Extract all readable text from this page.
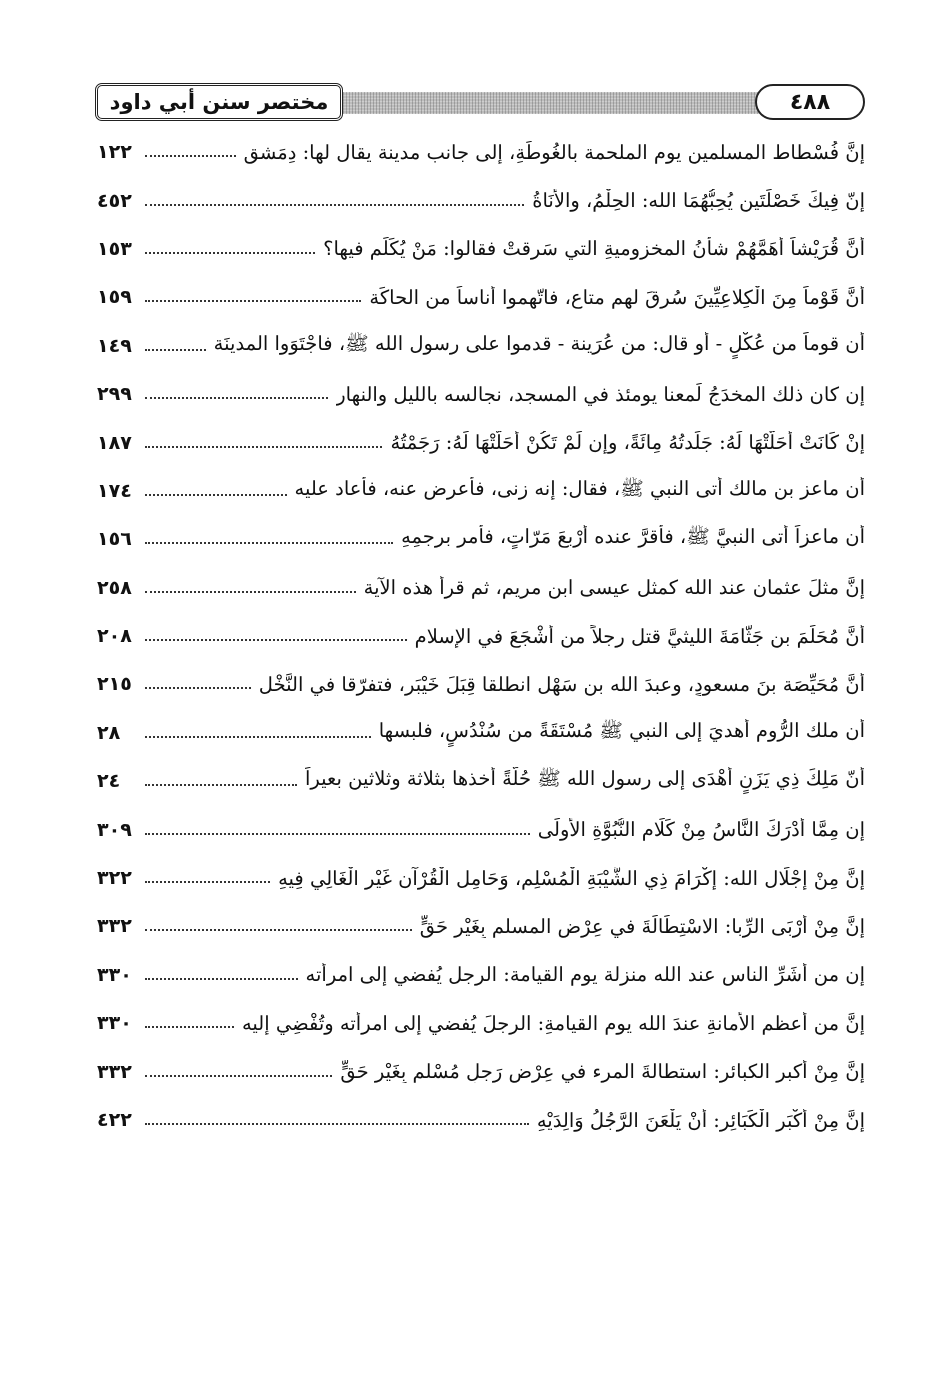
مختصر سنن أبي داود	٤٨٨
إنَّ فُسْطاط المسلمين يوم الملحمة بالغُوطَةِ، إلى جانب مدينة يقال لها: دِمَشق
١٢٢
إنّ فِيكَ خَصْلَتَينِ يُحِبُّهُمَا الله: الحِلْمُ، والأَنَاةُ
٤٥٢
أنَّ قُرَيْشاً أَهَمَّهُمْ شأنُ المخزوميةِ التي سَرقتْ فقالوا: مَنْ يُكَلِّم فيها؟
١٥٣
أَنَّ قَوْماً مِنَ الْكِلاعِيِّينَ سُرِقَ لهم متاع، فاتّهموا أُناساً من الحاكَة
١٥٩
أن قوماً من عُكْلٍ - أو قال: من عُرَينة - قدموا على رسول الله ﷺ، فاجْتَوَوا المدينَة
١٤٩
إن كان ذلك المخدَجُ لَمعنا يومئذ في المسجد، نجالسه بالليل والنهار
٢٩٩
إنْ كَانَتْ أَحَلَّتْهَا لَهُ: جَلَدتُهُ مِائَةً، وإن لَمْ تَكُنْ أَحَلَّتْهَا لَهُ: رَجَمْتُهُ
١٨٧
أن ماعز بن مالك أتى النبي ﷺ، فقال: إنه زنى، فأعرض عنه، فأعاد عليه
١٧٤
أن ماعزاً أتى النبيَّ ﷺ، فأقرَّ عنده أَرْبعَ مَرّاتٍ، فأمر برجمِهِ
١٥٦
إنَّ مثلَ عثمان عند الله كمثلِ عيسى ابن مريم، ثم قرأ هذه الآية
٢٥٨
أنَّ مُحَلِّمَ بن جَثَّامَةَ الليثيَّ قتل رجلاً من أَشْجَعَ في الإسلام
٢٠٨
أنَّ مُحَيِّصَة بنَ مسعودٍ، وعبدَ الله بن سَهْل انطلقا قِبَلَ خَيْبَر، فتفرّقا في النَّخْلِ
٢١٥
أن ملك الرُّوم أهديَ إلى النبي ﷺ مُسْتَقَةً من سُنْدُسٍ، فلبسها
٢٨
أنّ مَلِكَ ذِي يَزَنٍ أَهْدَى إلى رسول الله ﷺ حُلَّةً أخذها بثلاثة وثلاثين بعيراً
٢٤
إن مِمَّا أَدْرَكَ النَّاسُ مِنْ كَلَامِ النُّبُوَّةِ الأُولَى
٣٠٩
إنَّ مِنْ إجْلَالِ الله: إكْرَامَ ذِي الشَّيْبَةِ الْمُسْلِمِ، وَحَامِلِ الْقُرْآنِ غَيْرِ الْغَالِي فِيهِ
٣٢٢
إنَّ مِنْ أَرْبَى الرِّبا: الاسْتِطَالَةَ في عِرْضِ المسلم بِغَيْرِ حَقٍّ
٣٣٢
إن من أَشَرِّ الناس عند الله منزلة يوم القيامة: الرجل يُفضي إلى امرأته
٣٣٠
إنَّ من أعظم الأمانةِ عندَ الله يوم القيامةِ: الرجلَ يُفضي إلى امرأته وتُفْضِي إليه
٣٣٠
إنَّ مِنْ أكبر الكبائر: استطالةَ المرء في عِرْضِ رَجلٍ مُسْلمٍ بِغَيْرِ حَقٍّ
٣٣٢
إنَّ مِنْ أَكْبَرِ الْكَبَائِرِ: أَنْ يَلْعَنَ الرَّجُلُ وَالِدَيْهِ
٤٢٢
